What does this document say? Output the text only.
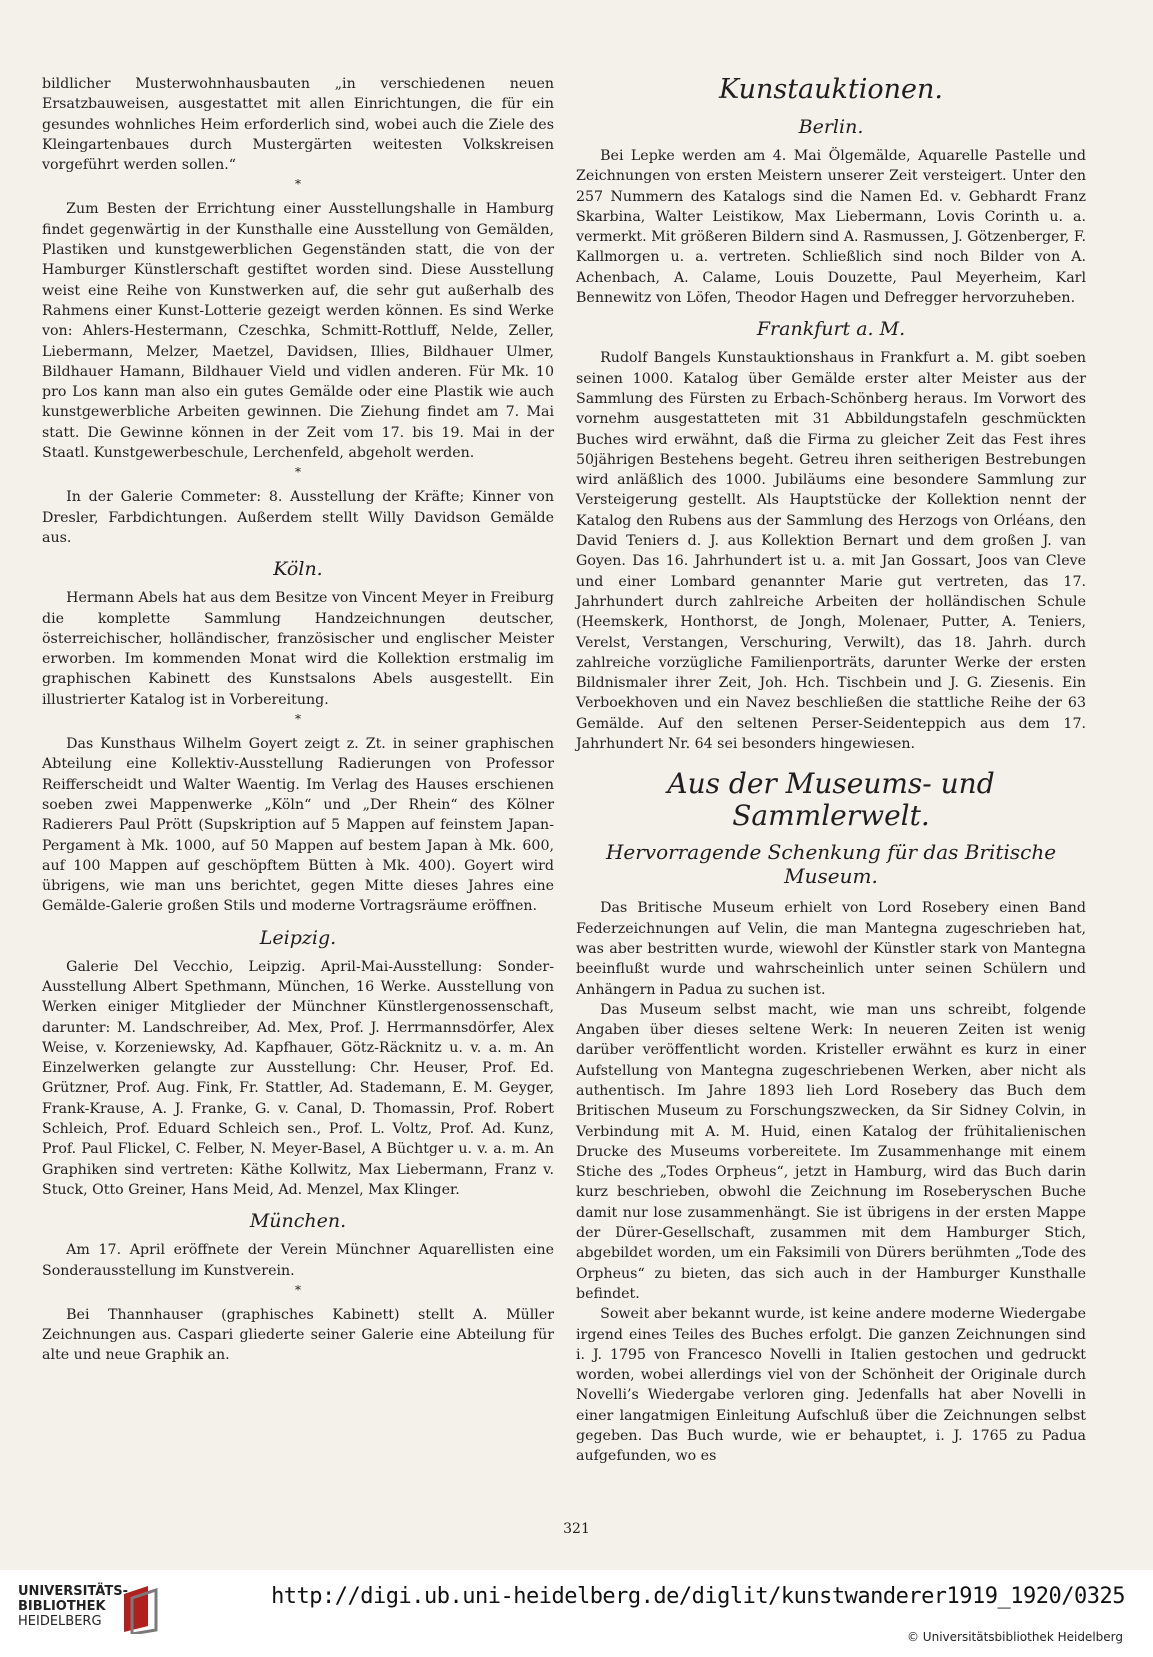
bildlicher Musterwohnhausbauten „in verschiedenen neuen Ersatzbauweisen, ausgestattet mit allen Einrichtungen, die für ein gesundes wohnliches Heim erforderlich sind, wobei auch die Ziele des Kleingartenbaues durch Mustergärten weitesten Volkskreisen vorgeführt werden sollen.“

*

Zum Besten der Errichtung einer Ausstellungshalle in Hamburg findet gegenwärtig in der Kunsthalle eine Ausstellung von Gemälden, Plastiken und kunstgewerblichen Gegenständen statt, die von der Hamburger Künstlerschaft gestiftet worden sind. Diese Ausstellung weist eine Reihe von Kunstwerken auf, die sehr gut außerhalb des Rahmens einer Kunst-Lotterie gezeigt werden können. Es sind Werke von: Ahlers-Hestermann, Czeschka, Schmitt-Rottluff, Nelde, Zeller, Liebermann, Melzer, Maetzel, Davidsen, Illies, Bildhauer Ulmer, Bildhauer Hamann, Bildhauer Vield und vidlen anderen. Für Mk. 10 pro Los kann man also ein gutes Gemälde oder eine Plastik wie auch kunstgewerbliche Arbeiten gewinnen. Die Ziehung findet am 7. Mai statt. Die Gewinne können in der Zeit vom 17. bis 19. Mai in der Staatl. Kunstgewerbeschule, Lerchenfeld, abgeholt werden.

*

In der Galerie Commeter: 8. Ausstellung der Kräfte; Kinner von Dresler, Farbdichtungen. Außerdem stellt Willy Davidson Gemälde aus.

Köln.

Hermann Abels hat aus dem Besitze von Vincent Meyer in Freiburg die komplette Sammlung Handzeichnungen deutscher, österreichischer, holländischer, französischer und englischer Meister erworben. Im kommenden Monat wird die Kollektion erstmalig im graphischen Kabinett des Kunstsalons Abels ausgestellt. Ein illustrierter Katalog ist in Vorbereitung.

*

Das Kunsthaus Wilhelm Goyert zeigt z. Zt. in seiner graphischen Abteilung eine Kollektiv-Ausstellung Radierungen von Professor Reifferscheidt und Walter Waentig. Im Verlag des Hauses erschienen soeben zwei Mappenwerke „Köln“ und „Der Rhein“ des Kölner Radierers Paul Prött (Supskription auf 5 Mappen auf feinstem Japan-Pergament à Mk. 1000, auf 50 Mappen auf bestem Japan à Mk. 600, auf 100 Mappen auf geschöpftem Bütten à Mk. 400). Goyert wird übrigens, wie man uns berichtet, gegen Mitte dieses Jahres eine Gemälde-Galerie großen Stils und moderne Vortragsräume eröffnen.

Leipzig.

Galerie Del Vecchio, Leipzig. April-Mai-Ausstellung: Sonder-Ausstellung Albert Spethmann, München, 16 Werke. Ausstellung von Werken einiger Mitglieder der Münchner Künstlergenossenschaft, darunter: M. Landschreiber, Ad. Mex, Prof. J. Herrmannsdörfer, Alex Weise, v. Korzeniewsky, Ad. Kapfhauer, Götz-Räcknitz u. v. a. m. An Einzelwerken gelangte zur Ausstellung: Chr. Heuser, Prof. Ed. Grützner, Prof. Aug. Fink, Fr. Stattler, Ad. Stademann, E. M. Geyger, Frank-Krause, A. J. Franke, G. v. Canal, D. Thomassin, Prof. Robert Schleich, Prof. Eduard Schleich sen., Prof. L. Voltz, Prof. Ad. Kunz, Prof. Paul Flickel, C. Felber, N. Meyer-Basel, A Büchtger u. v. a. m. An Graphiken sind vertreten: Käthe Kollwitz, Max Liebermann, Franz v. Stuck, Otto Greiner, Hans Meid, Ad. Menzel, Max Klinger.

München.

Am 17. April eröffnete der Verein Münchner Aquarellisten eine Sonderausstellung im Kunstverein.

*

Bei Thannhauser (graphisches Kabinett) stellt A. Müller Zeichnungen aus. Caspari gliederte seiner Galerie eine Abteilung für alte und neue Graphik an.

Kunstauktionen.
Berlin.

Bei Lepke werden am 4. Mai Ölgemälde, Aquarelle Pastelle und Zeichnungen von ersten Meistern unserer Zeit versteigert. Unter den 257 Nummern des Katalogs sind die Namen Ed. v. Gebhardt Franz Skarbina, Walter Leistikow, Max Liebermann, Lovis Corinth u. a. vermerkt. Mit größeren Bildern sind A. Rasmussen, J. Götzenberger, F. Kallmorgen u. a. vertreten. Schließlich sind noch Bilder von A. Achenbach, A. Calame, Louis Douzette, Paul Meyerheim, Karl Bennewitz von Löfen, Theodor Hagen und Defregger hervorzuheben.

Frankfurt a. M.

Rudolf Bangels Kunstauktionshaus in Frankfurt a. M. gibt soeben seinen 1000. Katalog über Gemälde erster alter Meister aus der Sammlung des Fürsten zu Erbach-Schönberg heraus. Im Vorwort des vornehm ausgestatteten mit 31 Abbildungstafeln geschmückten Buches wird erwähnt, daß die Firma zu gleicher Zeit das Fest ihres 50jährigen Bestehens begeht. Getreu ihren seitherigen Bestrebungen wird anläßlich des 1000. Jubiläums eine besondere Sammlung zur Versteigerung gestellt. Als Hauptstücke der Kollektion nennt der Katalog den Rubens aus der Sammlung des Herzogs von Orléans, den David Teniers d. J. aus Kollektion Bernart und dem großen J. van Goyen. Das 16. Jahrhundert ist u. a. mit Jan Gossart, Joos van Cleve und einer Lombard genannter Marie gut vertreten, das 17. Jahrhundert durch zahlreiche Arbeiten der holländischen Schule (Heemskerk, Honthorst, de Jongh, Molenaer, Putter, A. Teniers, Verelst, Verstangen, Verschuring, Verwilt), das 18. Jahrh. durch zahlreiche vorzügliche Familienporträts, darunter Werke der ersten Bildnismaler ihrer Zeit, Joh. Hch. Tischbein und J. G. Ziesenis. Ein Verboekhoven und ein Navez beschließen die stattliche Reihe der 63 Gemälde. Auf den seltenen Perser-Seidenteppich aus dem 17. Jahrhundert Nr. 64 sei besonders hingewiesen.

Aus der Museums- und Sammlerwelt.
Hervorragende Schenkung für das Britische Museum.

Das Britische Museum erhielt von Lord Rosebery einen Band Federzeichnungen auf Velin, die man Mantegna zugeschrieben hat, was aber bestritten wurde, wiewohl der Künstler stark von Mantegna beeinflußt wurde und wahrscheinlich unter seinen Schülern und Anhängern in Padua zu suchen ist.

Das Museum selbst macht, wie man uns schreibt, folgende Angaben über dieses seltene Werk: In neueren Zeiten ist wenig darüber veröffentlicht worden. Kristeller erwähnt es kurz in einer Aufstellung von Mantegna zugeschriebenen Werken, aber nicht als authentisch. Im Jahre 1893 lieh Lord Rosebery das Buch dem Britischen Museum zu Forschungszwecken, da Sir Sidney Colvin, in Verbindung mit A. M. Huid, einen Katalog der frühitalienischen Drucke des Museums vorbereitete. Im Zusammenhange mit einem Stiche des „Todes Orpheus“, jetzt in Hamburg, wird das Buch darin kurz beschrieben, obwohl die Zeichnung im Roseberyschen Buche damit nur lose zusammenhängt. Sie ist übrigens in der ersten Mappe der Dürer-Gesellschaft, zusammen mit dem Hamburger Stich, abgebildet worden, um ein Faksimili von Dürers berühmten „Tode des Orpheus“ zu bieten, das sich auch in der Hamburger Kunsthalle befindet.

Soweit aber bekannt wurde, ist keine andere moderne Wiedergabe irgend eines Teiles des Buches erfolgt. Die ganzen Zeichnungen sind i. J. 1795 von Francesco Novelli in Italien gestochen und gedruckt worden, wobei allerdings viel von der Schönheit der Originale durch Novelli’s Wiedergabe verloren ging. Jedenfalls hat aber Novelli in einer langatmigen Einleitung Aufschluß über die Zeichnungen selbst gegeben. Das Buch wurde, wie er behauptet, i. J. 1765 zu Padua aufgefunden, wo es

321
UNIVERSITÄTS-
BIBLIOTHEK
HEIDELBERG
http://digi.ub.uni-heidelberg.de/diglit/kunstwanderer1919_1920/0325
© Universitätsbibliothek Heidelberg
